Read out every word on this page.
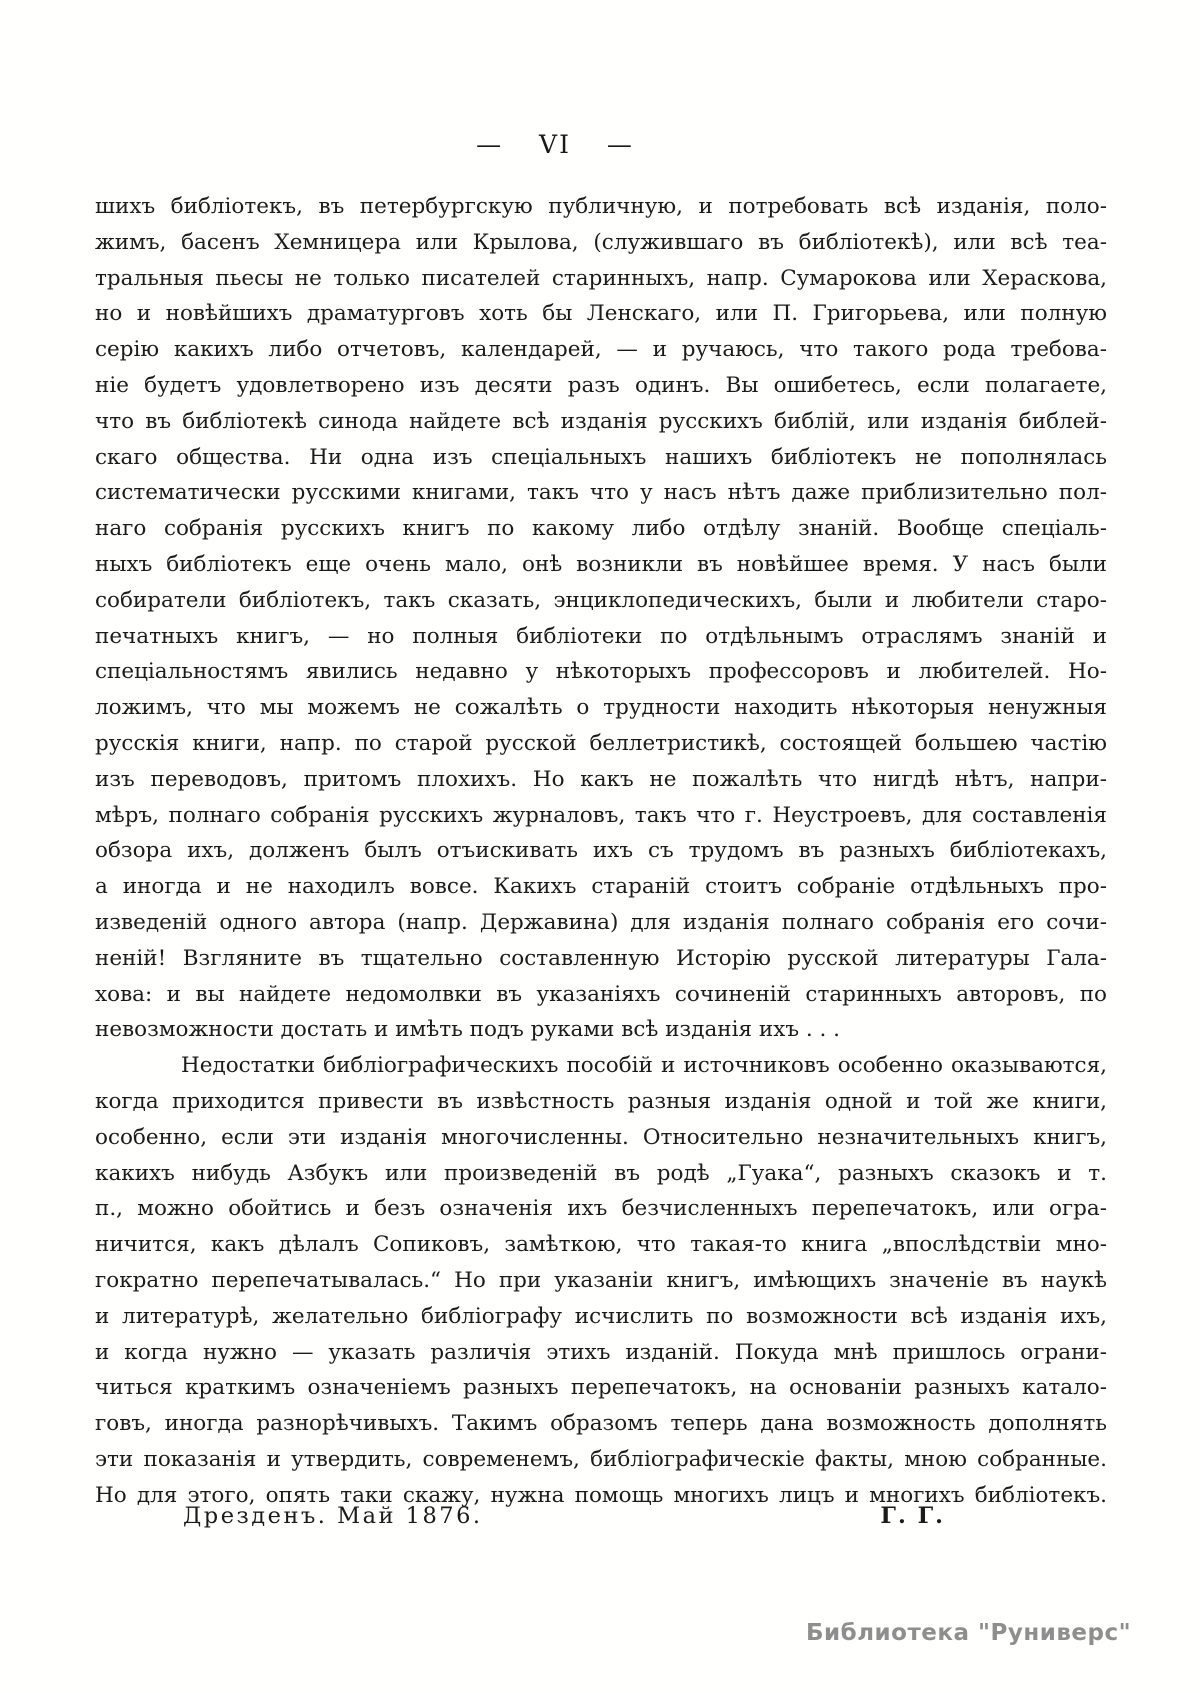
— VI —
шихъ библіотекъ, въ петербургскую публичную, и потребовать всѣ изданія, поло-
жимъ, басенъ Хемницера или Крылова, (служившаго въ библіотекѣ), или всѣ теа-
тральныя пьесы не только писателей старинныхъ, напр. Сумарокова или Хераскова,
но и новѣйшихъ драматурговъ хоть бы Ленскаго, или П. Григорьева, или полную
серію какихъ либо отчетовъ, календарей, — и ручаюсь, что такого рода требова-
ніе будетъ удовлетворено изъ десяти разъ одинъ. Вы ошибетесь, если полагаете,
что въ библіотекѣ синода найдете всѣ изданія русскихъ библій, или изданія библей-
скаго общества. Ни одна изъ спеціальныхъ нашихъ библіотекъ не пополнялась
систематически русскими книгами, такъ что у насъ нѣтъ даже приблизительно пол-
наго собранія русскихъ книгъ по какому либо отдѣлу знаній. Вообще спеціаль-
ныхъ библіотекъ еще очень мало, онѣ возникли въ новѣйшее время. У насъ были
собиратели библіотекъ, такъ сказать, энциклопедическихъ, были и любители старо-
печатныхъ книгъ, — но полныя библіотеки по отдѣльнымъ отраслямъ знаній и
спеціальностямъ явились недавно у нѣкоторыхъ профессоровъ и любителей. Но-
ложимъ, что мы можемъ не сожалѣть о трудности находить нѣкоторыя ненужныя
русскія книги, напр. по старой русской беллетристикѣ, состоящей большею частію
изъ переводовъ, притомъ плохихъ. Но какъ не пожалѣть что нигдѣ нѣтъ, напри-
мѣръ, полнаго собранія русскихъ журналовъ, такъ что г. Неустроевъ, для составленія
обзора ихъ, долженъ былъ отъискивать ихъ съ трудомъ въ разныхъ библіотекахъ,
а иногда и не находилъ вовсе. Какихъ стараній стоитъ собраніе отдѣльныхъ про-
изведеній одного автора (напр. Державина) для изданія полнаго собранія его сочи-
неній! Взгляните въ тщательно составленную Исторію русской литературы Гала-
хова: и вы найдете недомолвки въ указаніяхъ сочиненій старинныхъ авторовъ, по
невозможности достать и имѣть подъ руками всѣ изданія ихъ . . .
Недостатки библіографическихъ пособій и источниковъ особенно оказываются,
когда приходится привести въ извѣстность разныя изданія одной и той же книги,
особенно, если эти изданія многочисленны. Относительно незначительныхъ книгъ,
какихъ нибудь Азбукъ или произведеній въ родѣ „Гуака“, разныхъ сказокъ и т.
п., можно обойтись и безъ означенія ихъ безчисленныхъ перепечатокъ, или огра-
ничится, какъ дѣлалъ Сопиковъ, замѣткою, что такая-то книга „впослѣдствіи мно-
гократно перепечатывалась.“ Но при указаніи книгъ, имѣющихъ значеніе въ наукѣ
и литературѣ, желательно библіографу исчислить по возможности всѣ изданія ихъ,
и когда нужно — указать различія этихъ изданій. Покуда мнѣ пришлось ограни-
читься краткимъ означеніемъ разныхъ перепечатокъ, на основаніи разныхъ катало-
говъ, иногда разнорѣчивыхъ. Такимъ образомъ теперь дана возможность дополнять
эти показанія и утвердить, современемъ, библіографическіе факты, мною собранные.
Но для этого, опять таки скажу, нужна помощь многихъ лицъ и многихъ библіотекъ.
Дрезденъ. Май 1876.	Г. Г.
Библиотека "Руниверс"
